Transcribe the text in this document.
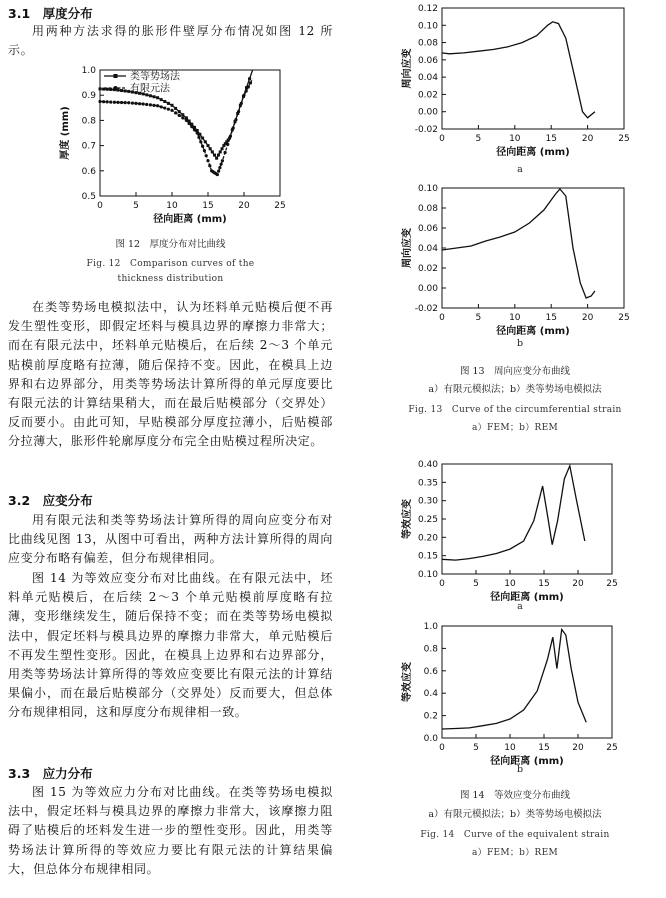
3.1　厚度分布
用两种方法求得的胀形件壁厚分布情况如图 12 所示。
0	5	10	15	20	25
0.5
0.6
0.7
0.8
0.9
1.0
径向距离 (mm)
厚度 (mm)
类等势场法
有限元法
图 12　厚度分布对比曲线
Fig. 12　Comparison curves of the
thickness distribution
在类等势场电模拟法中，认为坯料单元贴模后便不再发生塑性变形，即假定坯料与模具边界的摩擦力非常大；而在有限元法中，坯料单元贴模后，在后续 2～3 个单元贴模前厚度略有拉薄，随后保持不变。因此，在模具上边界和右边界部分，用类等势场法计算所得的单元厚度要比有限元法的计算结果稍大，而在最后贴模部分（交界处）反而要小。由此可知，早贴模部分厚度拉薄小，后贴模部分拉薄大，胀形件轮廓厚度分布完全由贴模过程所决定。
3.2　应变分布
用有限元法和类等势场法计算所得的周向应变分布对比曲线见图 13，从图中可看出，两种方法计算所得的周向应变分布略有偏差，但分布规律相同。
图 14 为等效应变分布对比曲线。在有限元法中，坯料单元贴模后，在后续 2～3 个单元贴模前厚度略有拉薄，变形继续发生，随后保持不变；而在类等势场电模拟法中，假定坯料与模具边界的摩擦力非常大，单元贴模后不再发生塑性变形。因此，在模具上边界和右边界部分，用类等势场法计算所得的等效应变要比有限元法的计算结果偏小，而在最后贴模部分（交界处）反而要大，但总体分布规律相同，这和厚度分布规律相一致。
3.3　应力分布
图 15 为等效应力分布对比曲线。在类等势场电模拟法中，假定坯料与模具边界的摩擦力非常大，该摩擦力阻碍了贴模后的坯料发生进一步的塑性变形。因此，用类等势场法计算所得的等效应力要比有限元法的计算结果偏大，但总体分布规律相同。
0	5	10	15	20	25
-0.02
0.00
0.02
0.04
0.06
0.08
0.10
0.12
径向距离 (mm)
周向应变
a
0	5	10	15	20	25
-0.02
0.00
0.02
0.04
0.06
0.08
0.10
径向距离 (mm)
周向应变
b
图 13　周向应变分布曲线
a）有限元模拟法；b）类等势场电模拟法
Fig. 13　Curve of the circumferential strain
a）FEM；b）REM
0	5	10	15	20	25
0.10
0.15
0.20
0.25
0.30
0.35
0.40
径向距离 (mm)
等效应变
a
0	5	10	15	20	25
0.0
0.2
0.4
0.6
0.8
1.0
径向距离 (mm)
等效应变
b
图 14　等效应变分布曲线
a）有限元模拟法；b）类等势场电模拟法
Fig. 14　Curve of the equivalent strain
a）FEM；b）REM
